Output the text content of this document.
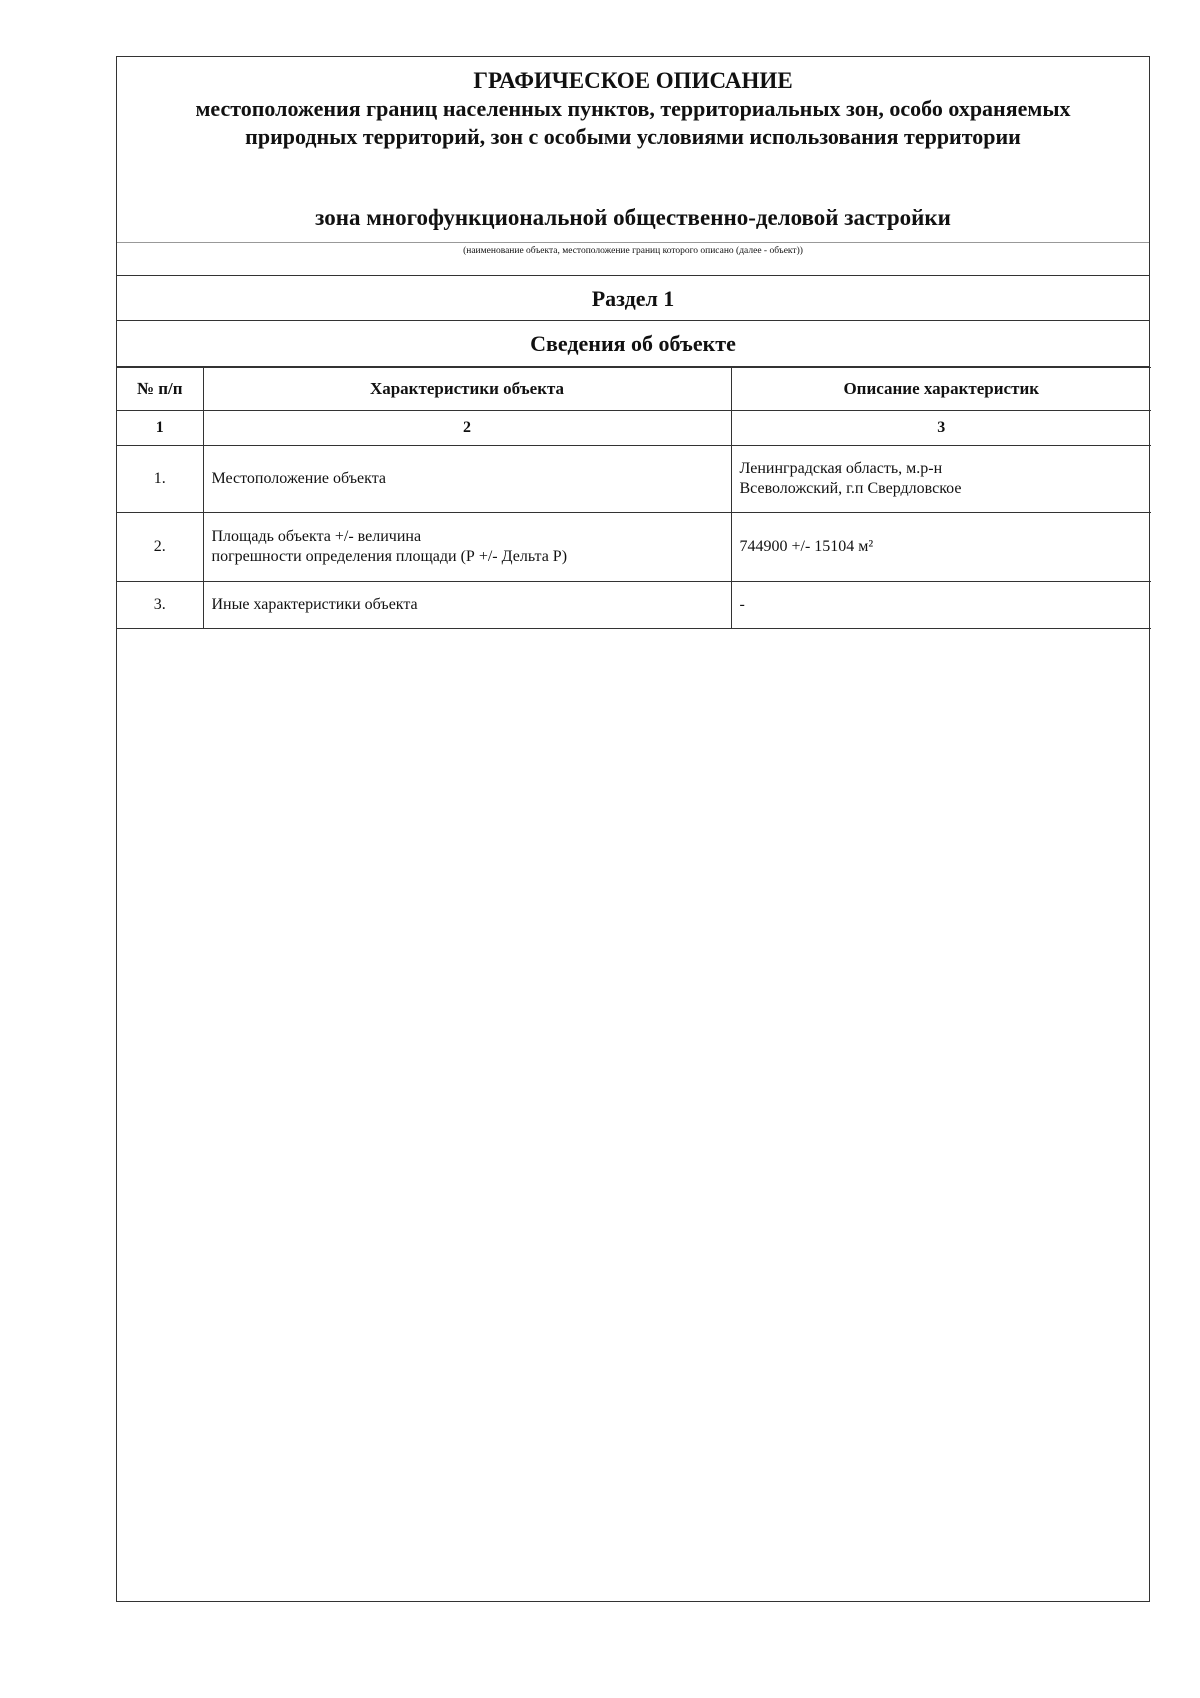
ГРАФИЧЕСКОЕ ОПИСАНИЕ

местоположения границ населенных пунктов, территориальных зон, особо охраняемых природных территорий, зон с особыми условиями использования территории

зона многофункциональной общественно-деловой застройки
(наименование объекта, местоположение границ которого описано (далее - объект))
Раздел 1
Сведения об объекте
№ п/п	Характеристики объекта	Описание характеристик
1	2	3
1.	Местоположение объекта	Ленинградская область, м.р-н
Всеволожский, г.п Свердловское

2.	Площадь объекта +/- величина
погрешности определения площади (Р +/- Дельта Р)	744900 +/- 15104 м²

3.	Иные характеристики объекта	-
